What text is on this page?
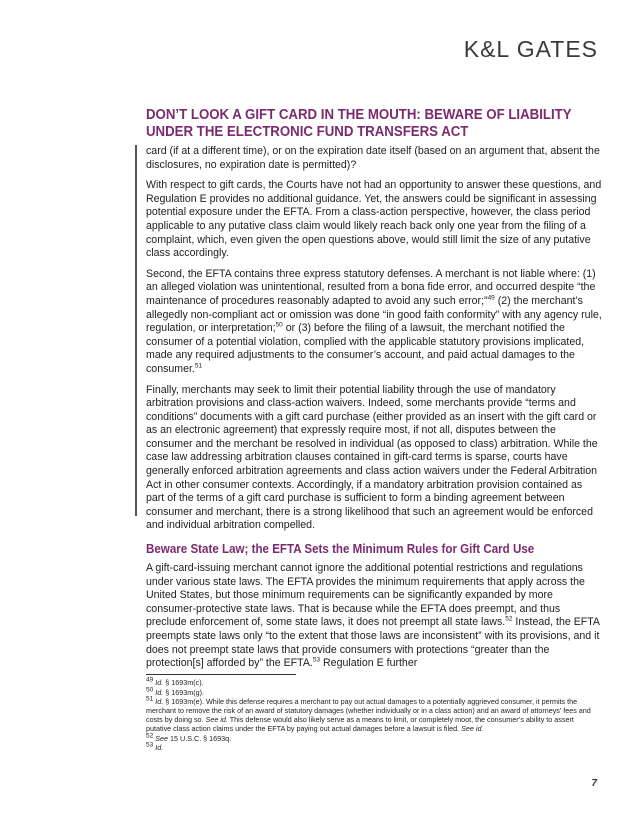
K&L GATES
DON’T LOOK A GIFT CARD IN THE MOUTH: BEWARE OF LIABILITY UNDER THE ELECTRONIC FUND TRANSFERS ACT

card (if at a different time), or on the expiration date itself (based on an argument that, absent the disclosures, no expiration date is permitted)?

With respect to gift cards, the Courts have not had an opportunity to answer these questions, and Regulation E provides no additional guidance. Yet, the answers could be significant in assessing potential exposure under the EFTA. From a class-action perspective, however, the class period applicable to any putative class claim would likely reach back only one year from the filing of a complaint, which, even given the open questions above, would still limit the size of any putative class accordingly.

Second, the EFTA contains three express statutory defenses. A merchant is not liable where: (1) an alleged violation was unintentional, resulted from a bona fide error, and occurred despite “the maintenance of procedures reasonably adapted to avoid any such error;”$^{49}$ (2) the merchant’s allegedly non-compliant act or omission was done “in good faith conformity” with any agency rule, regulation, or interpretation;$^{50}$ or (3) before the filing of a lawsuit, the merchant notified the consumer of a potential violation, complied with the applicable statutory provisions implicated, made any required adjustments to the consumer’s account, and paid actual damages to the consumer.$^{51}$

Finally, merchants may seek to limit their potential liability through the use of mandatory arbitration provisions and class-action waivers. Indeed, some merchants provide “terms and conditions” documents with a gift card purchase (either provided as an insert with the gift card or as an electronic agreement) that expressly require most, if not all, disputes between the consumer and the merchant be resolved in individual (as opposed to class) arbitration. While the case law addressing arbitration clauses contained in gift-card terms is sparse, courts have generally enforced arbitration agreements and class action waivers under the Federal Arbitration Act in other consumer contexts. Accordingly, if a mandatory arbitration provision contained as part of the terms of a gift card purchase is sufficient to form a binding agreement between consumer and merchant, there is a strong likelihood that such an agreement would be enforced and individual arbitration compelled.

Beware State Law; the EFTA Sets the Minimum Rules for Gift Card Use

A gift-card-issuing merchant cannot ignore the additional potential restrictions and regulations under various state laws. The EFTA provides the minimum requirements that apply across the United States, but those minimum requirements can be significantly expanded by more consumer-protective state laws. That is because while the EFTA does preempt, and thus preclude enforcement of, some state laws, it does not preempt all state laws.$^{52}$ Instead, the EFTA preempts state laws only “to the extent that those laws are inconsistent” with its provisions, and it does not preempt state laws that provide consumers with protections “greater than the protection[s] afforded by” the EFTA.$^{53}$ Regulation E further

$^{49}$ Id. § 1693m(c).

$^{50}$ Id. § 1693m(g).

$^{51}$ Id. § 1693m(e). While this defense requires a merchant to pay out actual damages to a potentially aggrieved consumer, it permits the merchant to remove the risk of an award of statutory damages (whether individually or in a class action) and an award of attorneys’ fees and costs by doing so. See id. This defense would also likely serve as a means to limit, or completely moot, the consumer’s ability to assert putative class action claims under the EFTA by paying out actual damages before a lawsuit is filed. See id.

$^{52}$ See 15 U.S.C. § 1693q.

$^{53}$ Id.

7
